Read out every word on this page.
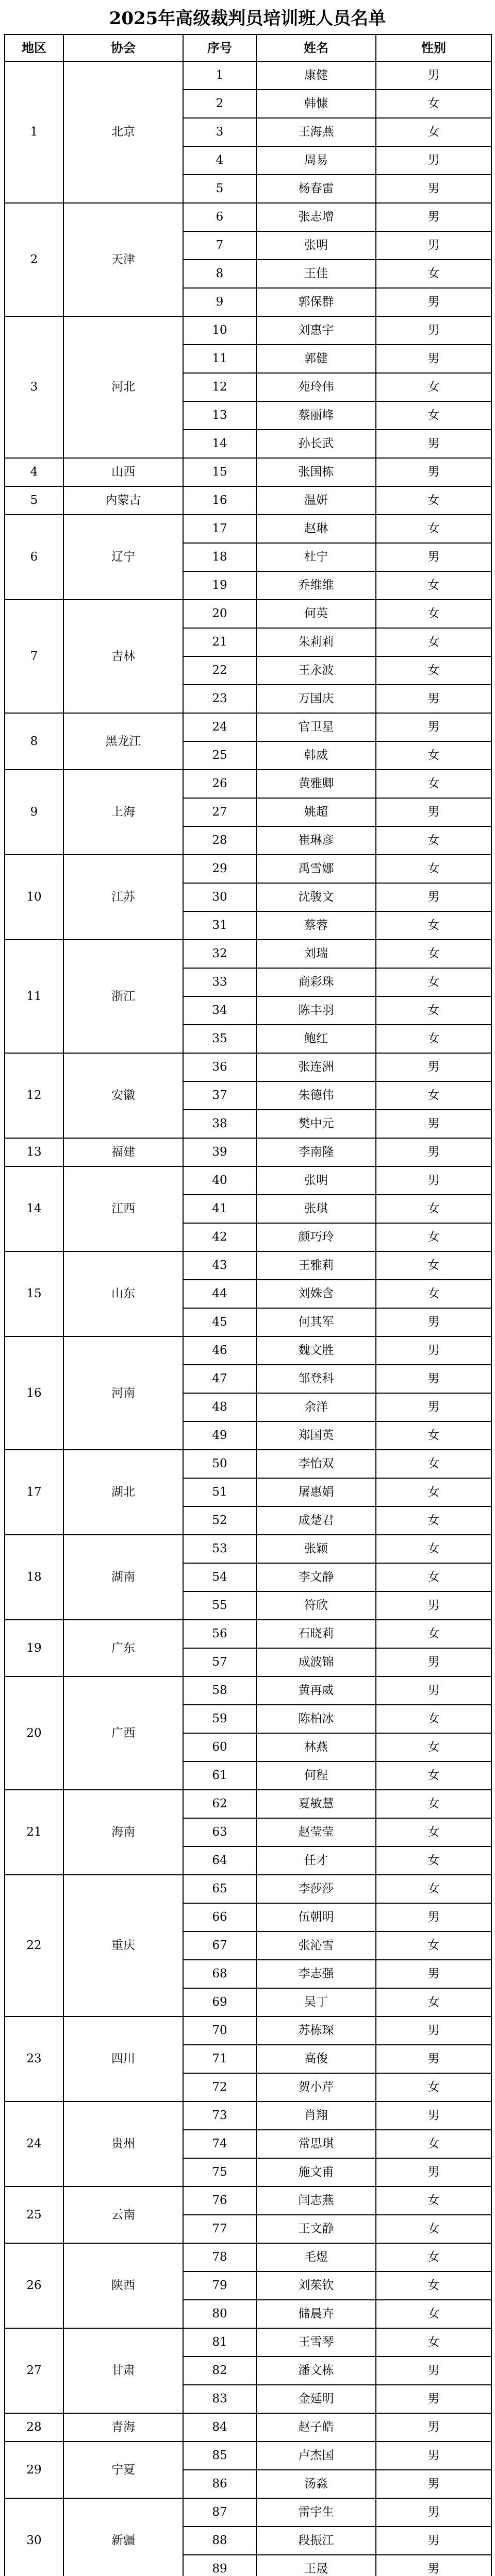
2025年高级裁判员培训班人员名单
地区	协会	序号	姓名	性别
1	北京	1	康健	男
		2	韩慷	女
		3	王海燕	女
		4	周易	男
		5	杨春雷	男
2	天津	6	张志增	男
		7	张明	男
		8	王佳	女
		9	郭保群	男
3	河北	10	刘惠宇	男
		11	郭健	男
		12	苑玲伟	女
		13	蔡丽峰	女
		14	孙长武	男
4	山西	15	张国栋	男
5	内蒙古	16	温妍	女
6	辽宁	17	赵琳	女
		18	杜宁	男
		19	乔维维	女
7	吉林	20	何英	女
		21	朱莉莉	女
		22	王永波	女
		23	万国庆	男
8	黑龙江	24	官卫星	男
		25	韩威	女
9	上海	26	黄雅卿	女
		27	姚超	男
		28	崔琳彦	女
10	江苏	29	禹雪娜	女
		30	沈骏文	男
		31	蔡蓉	女
11	浙江	32	刘瑞	女
		33	商彩珠	女
		34	陈丰羽	女
		35	鲍红	女
12	安徽	36	张连洲	男
		37	朱德伟	女
		38	樊中元	男
13	福建	39	李南隆	男
14	江西	40	张明	男
		41	张琪	女
		42	颜巧玲	女
15	山东	43	王雅莉	女
		44	刘姝含	女
		45	何其军	男
16	河南	46	魏文胜	男
		47	邹登科	男
		48	余洋	男
		49	郑国英	女
17	湖北	50	李怡双	女
		51	屠惠娟	女
		52	成楚君	女
18	湖南	53	张颖	女
		54	李文静	女
		55	符欣	男
19	广东	56	石晓莉	女
		57	成波锦	男
20	广西	58	黄再威	男
		59	陈柏冰	女
		60	林燕	女
		61	何程	女
21	海南	62	夏敏慧	女
		63	赵莹莹	女
		64	任才	女
22	重庆	65	李莎莎	女
		66	伍朝明	男
		67	张沁雪	女
		68	李志强	男
		69	吴丁	女
23	四川	70	苏栋琛	男
		71	高俊	男
		72	贺小芹	女
24	贵州	73	肖翔	男
		74	常思琪	女
		75	施文甫	男
25	云南	76	闫志燕	女
		77	王文静	女
26	陕西	78	毛煜	女
		79	刘茱钦	女
		80	储晨卉	女
27	甘肃	81	王雪琴	女
		82	潘文栋	男
		83	金延明	男
28	青海	84	赵子皓	男
29	宁夏	85	卢杰国	男
		86	汤淼	男
30	新疆	87	雷宇生	男
		88	段振江	男
		89	王晟	男
